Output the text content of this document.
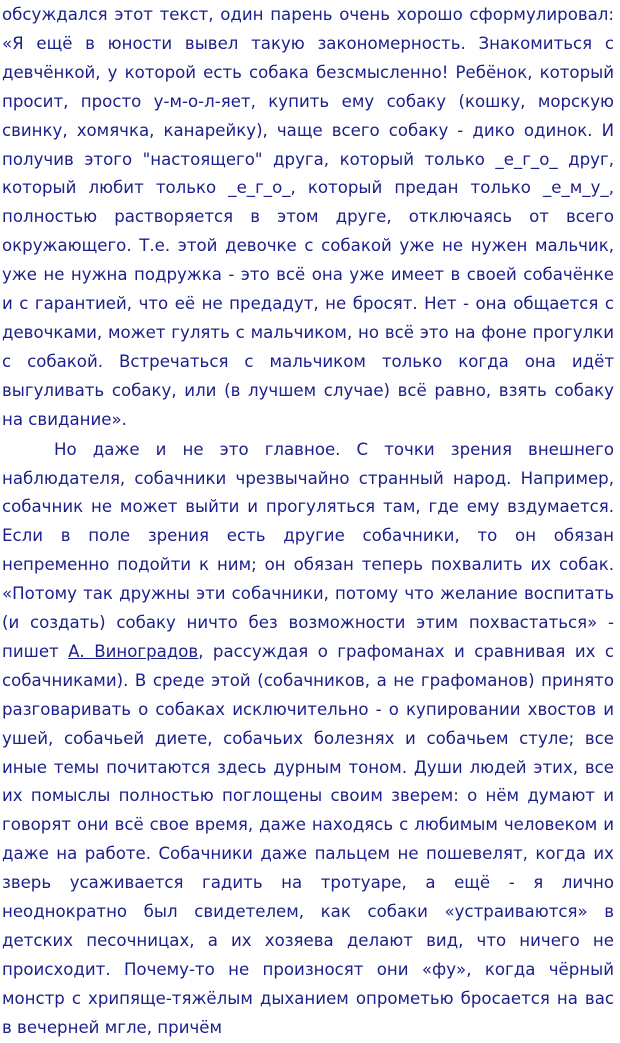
обсуждался этот текст, один парень очень хорошо сформулировал: «Я ещё в юности вывел такую закономерность. Знакомиться с девчёнкой, у которой есть собака безсмысленно! Ребёнок, который просит, просто у-м-о-л-яет, купить ему собаку (кошку, морскую свинку, хомячка, канарейку), чаще всего собаку - дико одинок. И получив этого "настоящего" друга, который только _е_г_о_ друг, который любит только _е_г_о_, который предан только _е_м_у_, полностью растворяется в этом друге, отключаясь от всего окружающего. Т.е. этой девочке с собакой уже не нужен мальчик, уже не нужна подружка - это всё она уже имеет в своей собачёнке и с гарантией, что её не предадут, не бросят. Нет - она общается с девочками, может гулять с мальчиком, но всё это на фоне прогулки с собакой. Встречаться с мальчиком только когда она идёт выгуливать собаку, или (в лучшем случае) всё равно, взять собаку на свидание».

Но даже и не это главное. С точки зрения внешнего наблюдателя, собачники чрезвычайно странный народ. Например, собачник не может выйти и прогуляться там, где ему вздумается. Если в поле зрения есть другие собачники, то он обязан непременно подойти к ним; он обязан теперь похвалить их собак. «Потому так дружны эти собачники, потому что желание воспитать (и создать) собаку ничто без возможности этим похвастаться» - пишет А. Виноградов, рассуждая о графоманах и сравнивая их с собачниками). В среде этой (собачников, а не графоманов) принято разговаривать о собаках исключительно - о купировании хвостов и ушей, собачьей диете, собачьих болезнях и собачьем стуле; все иные темы почитаются здесь дурным тоном. Души людей этих, все их помыслы полностью поглощены своим зверем: о нём думают и говорят они всё свое время, даже находясь с любимым человеком и даже на работе. Собачники даже пальцем не пошевелят, когда их зверь усаживается гадить на тротуаре, а ещё - я лично неоднократно был свидетелем, как собаки «устраиваются» в детских песочницах, а их хозяева делают вид, что ничего не происходит. Почему-то не произносят они «фу», когда чёрный монстр с хрипяще-тяжёлым дыханием опрометью бросается на вас в вечерней мгле, причём
